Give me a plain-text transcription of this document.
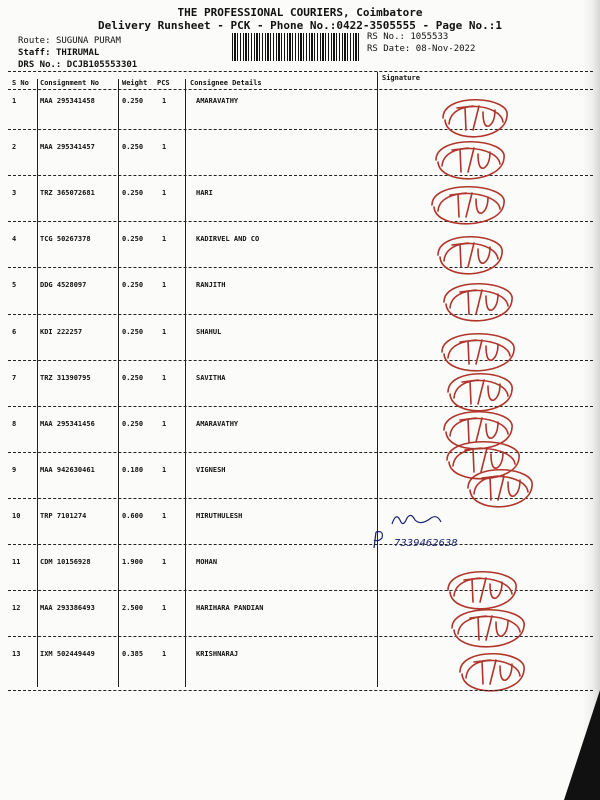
THE PROFESSIONAL COURIERS, Coimbatore
Delivery Runsheet - PCK - Phone No.:0422-3505555 - Page No.:1
Route: SUGUNA PURAM
Staff: THIRUMAL
DRS No.: DCJB105553301
RS No.: 1055533
RS Date: 08-Nov-2022
S No Consignment No	Weight PCS	Consignee Details
Signature
1	MAA 295341458	0.250	1	AMARAVATHY
2	MAA 295341457	0.250	1
3	TRZ 365072681	0.250	1	HARI
4	TCG 50267378	0.250	1	KADIRVEL AND CO
5	DDG 4528097	0.250	1	RANJITH
6	KDI 222257	0.250	1	SHAHUL
7	TRZ 31390795	0.250	1	SAVITHA
8	MAA 295341456	0.250	1	AMARAVATHY
9	MAA 942630461	0.180	1	VIGNESH
10	TRP 7101274	0.600	1	MIRUTHULESH
11	CDM 10156928	1.900	1	MOHAN
12	MAA 293386493	2.500	1	HARIHARA PANDIAN
13	IXM 502449449	0.385	1	KRISHNARAJ
7339462638
